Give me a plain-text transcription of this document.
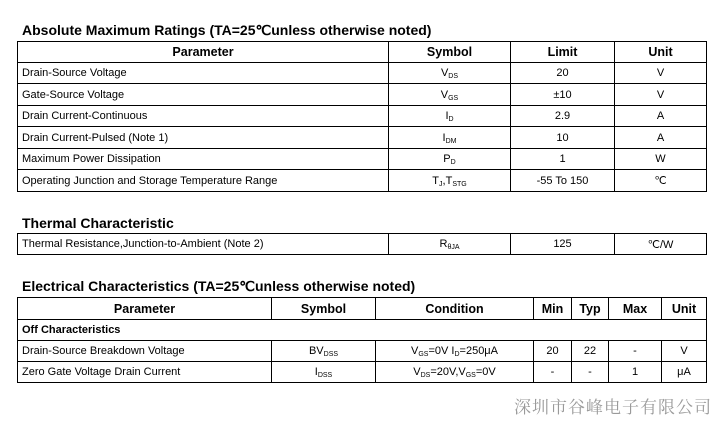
Absolute Maximum Ratings (TA=25℃unless otherwise noted)
Parameter	Symbol	Limit	Unit
Drain-Source Voltage	$V_{DS}$	20	V
Gate-Source Voltage	$V_{GS}$	±10	V
Drain Current-Continuous	$I_D$	2.9	A
Drain Current-Pulsed (Note 1)	$I_{DM}$	10	A
Maximum Power Dissipation	$P_D$	1	W
Operating Junction and Storage Temperature Range	$T_J,T_{STG}$	-55 To 150	℃
Thermal Characteristic
Thermal Resistance,Junction-to-Ambient (Note 2)	$R_{\theta JA}$	125	℃/W
Electrical Characteristics (TA=25℃unless otherwise noted)
Parameter	Symbol	Condition	Min	Typ	Max	Unit
Off Characteristics						
Drain-Source Breakdown Voltage	$BV_{DSS}$	$V_{GS}=0V$ $I_D=250\mu A$	20	22	-	V
Zero Gate Voltage Drain Current	$I_{DSS}$	$V_{DS}=20V,V_{GS}=0V$	-	-	1	μA
深圳市谷峰电子有限公司
